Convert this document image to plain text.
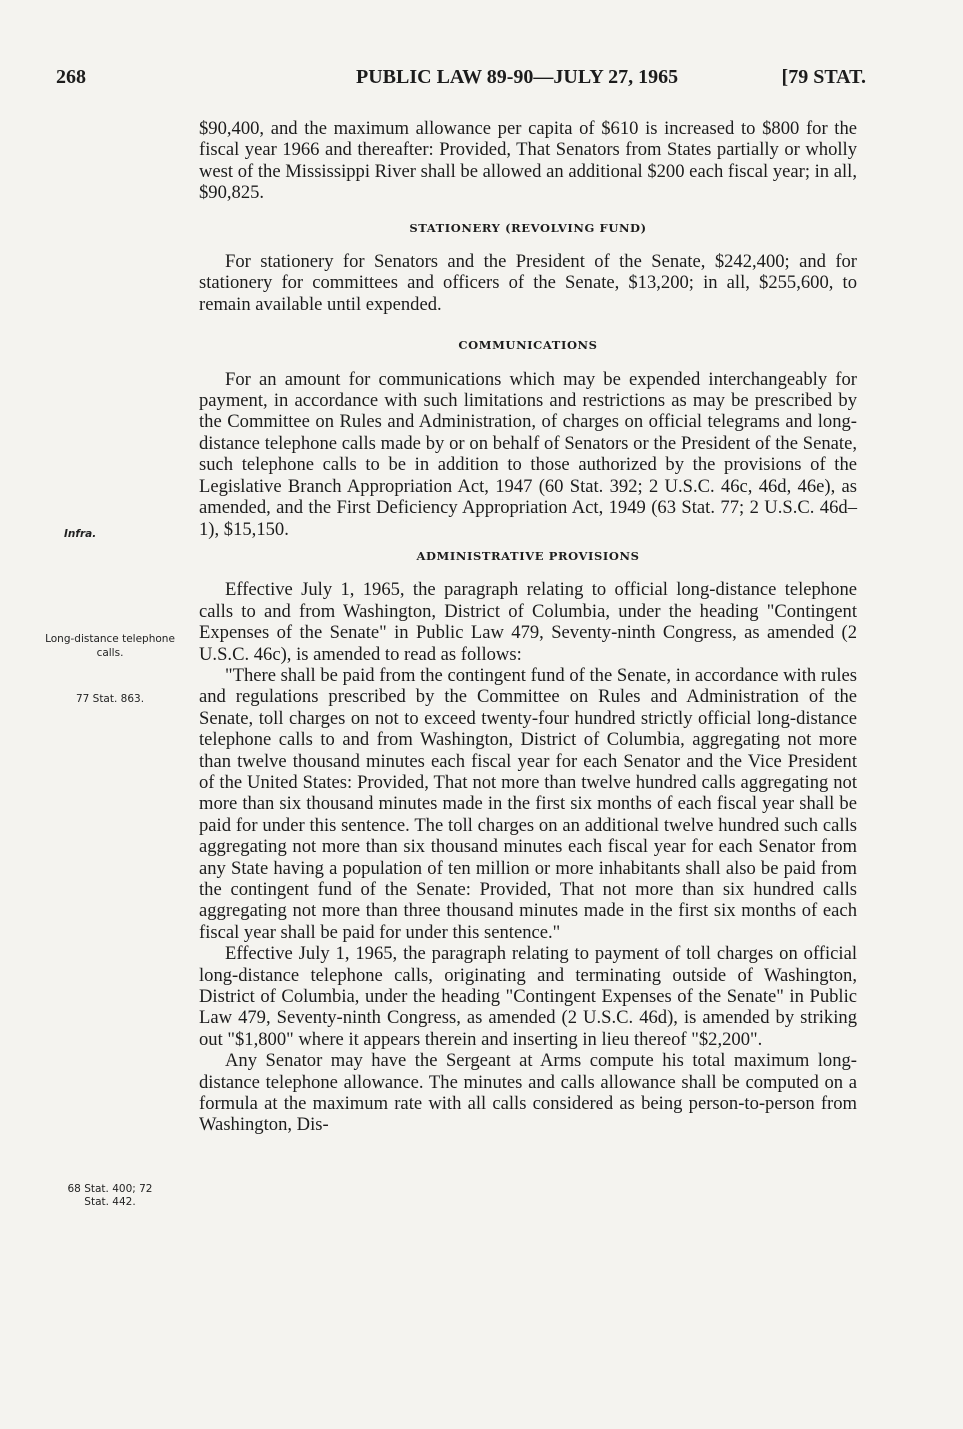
268	PUBLIC LAW 89-90—JULY 27, 1965	[79 STAT.
Infra.
Long-distance telephone calls.
77 Stat. 863.
68 Stat. 400; 72 Stat. 442.

$90,400, and the maximum allowance per capita of $610 is increased to $800 for the fiscal year 1966 and thereafter: Provided, That Senators from States partially or wholly west of the Mississippi River shall be allowed an additional $200 each fiscal year; in all, $90,825.

STATIONERY (REVOLVING FUND)

For stationery for Senators and the President of the Senate, $242,400; and for stationery for committees and officers of the Senate, $13,200; in all, $255,600, to remain available until expended.

COMMUNICATIONS

For an amount for communications which may be expended interchangeably for payment, in accordance with such limitations and restrictions as may be prescribed by the Committee on Rules and Administration, of charges on official telegrams and long-distance telephone calls made by or on behalf of Senators or the President of the Senate, such telephone calls to be in addition to those authorized by the provisions of the Legislative Branch Appropriation Act, 1947 (60 Stat. 392; 2 U.S.C. 46c, 46d, 46e), as amended, and the First Deficiency Appropriation Act, 1949 (63 Stat. 77; 2 U.S.C. 46d–1), $15,150.

ADMINISTRATIVE PROVISIONS

Effective July 1, 1965, the paragraph relating to official long-distance telephone calls to and from Washington, District of Columbia, under the heading "Contingent Expenses of the Senate" in Public Law 479, Seventy-ninth Congress, as amended (2 U.S.C. 46c), is amended to read as follows:

"There shall be paid from the contingent fund of the Senate, in accordance with rules and regulations prescribed by the Committee on Rules and Administration of the Senate, toll charges on not to exceed twenty-four hundred strictly official long-distance telephone calls to and from Washington, District of Columbia, aggregating not more than twelve thousand minutes each fiscal year for each Senator and the Vice President of the United States: Provided, That not more than twelve hundred calls aggregating not more than six thousand minutes made in the first six months of each fiscal year shall be paid for under this sentence. The toll charges on an additional twelve hundred such calls aggregating not more than six thousand minutes each fiscal year for each Senator from any State having a population of ten million or more inhabitants shall also be paid from the contingent fund of the Senate: Provided, That not more than six hundred calls aggregating not more than three thousand minutes made in the first six months of each fiscal year shall be paid for under this sentence."

Effective July 1, 1965, the paragraph relating to payment of toll charges on official long-distance telephone calls, originating and terminating outside of Washington, District of Columbia, under the heading "Contingent Expenses of the Senate" in Public Law 479, Seventy-ninth Congress, as amended (2 U.S.C. 46d), is amended by striking out "$1,800" where it appears therein and inserting in lieu thereof "$2,200".

Any Senator may have the Sergeant at Arms compute his total maximum long-distance telephone allowance. The minutes and calls allowance shall be computed on a formula at the maximum rate with all calls considered as being person-to-person from Washington, Dis-
